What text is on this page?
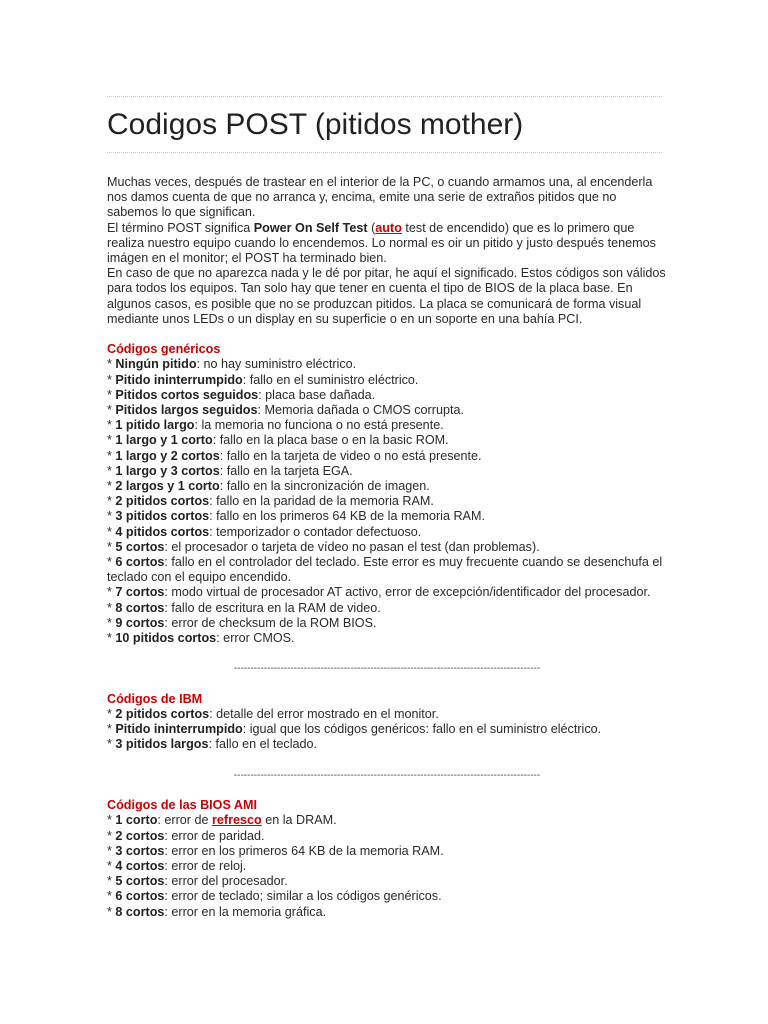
Codigos POST (pitidos mother)

Muchas veces, después de trastear en el interior de la PC, o cuando armamos una, al encenderla nos damos cuenta de que no arranca y, encima, emite una serie de extraños pitidos que no sabemos lo que significan.

El término POST significa Power On Self Test (auto test de encendido) que es lo primero que realiza nuestro equipo cuando lo encendemos. Lo normal es oir un pitido y justo después tenemos imágen en el monitor; el POST ha terminado bien.

En caso de que no aparezca nada y le dé por pitar, he aquí el significado. Estos códigos son válidos para todos los equipos. Tan solo hay que tener en cuenta el tipo de BIOS de la placa base. En algunos casos, es posible que no se produzcan pitidos. La placa se comunicará de forma visual mediante unos LEDs o un display en su superficie o en un soporte en una bahía PCI.

Códigos genéricos

* Ningún pitido: no hay suministro eléctrico.

* Pitido ininterrumpido: fallo en el suministro eléctrico.

* Pitidos cortos seguidos: placa base dañada.

* Pitidos largos seguidos: Memoria dañada o CMOS corrupta.

* 1 pitido largo: la memoria no funciona o no está presente.

* 1 largo y 1 corto: fallo en la placa base o en la basic ROM.

* 1 largo y 2 cortos: fallo en la tarjeta de video o no está presente.

* 1 largo y 3 cortos: fallo en la tarjeta EGA.

* 2 largos y 1 corto: fallo en la sincronización de imagen.

* 2 pitidos cortos: fallo en la paridad de la memoria RAM.

* 3 pitidos cortos: fallo en los primeros 64 KB de la memoria RAM.

* 4 pitidos cortos: temporizador o contador defectuoso.

* 5 cortos: el procesador o tarjeta de vídeo no pasan el test (dan problemas).

* 6 cortos: fallo en el controlador del teclado. Este error es muy frecuente cuando se desenchufa el teclado con el equipo encendido.

* 7 cortos: modo virtual de procesador AT activo, error de excepción/identificador del procesador.

* 8 cortos: fallo de escritura en la RAM de video.

* 9 cortos: error de checksum de la ROM BIOS.

* 10 pitidos cortos: error CMOS.

--------------------------------------------------------------------------------------------

Códigos de IBM

* 2 pitidos cortos: detalle del error mostrado en el monitor.

* Pitido ininterrumpido: igual que los códigos genéricos: fallo en el suministro eléctrico.

* 3 pitidos largos: fallo en el teclado.

--------------------------------------------------------------------------------------------

Códigos de las BIOS AMI

* 1 corto: error de refresco en la DRAM.

* 2 cortos: error de paridad.

* 3 cortos: error en los primeros 64 KB de la memoria RAM.

* 4 cortos: error de reloj.

* 5 cortos: error del procesador.

* 6 cortos: error de teclado; similar a los códigos genéricos.

* 8 cortos: error en la memoria gráfica.
